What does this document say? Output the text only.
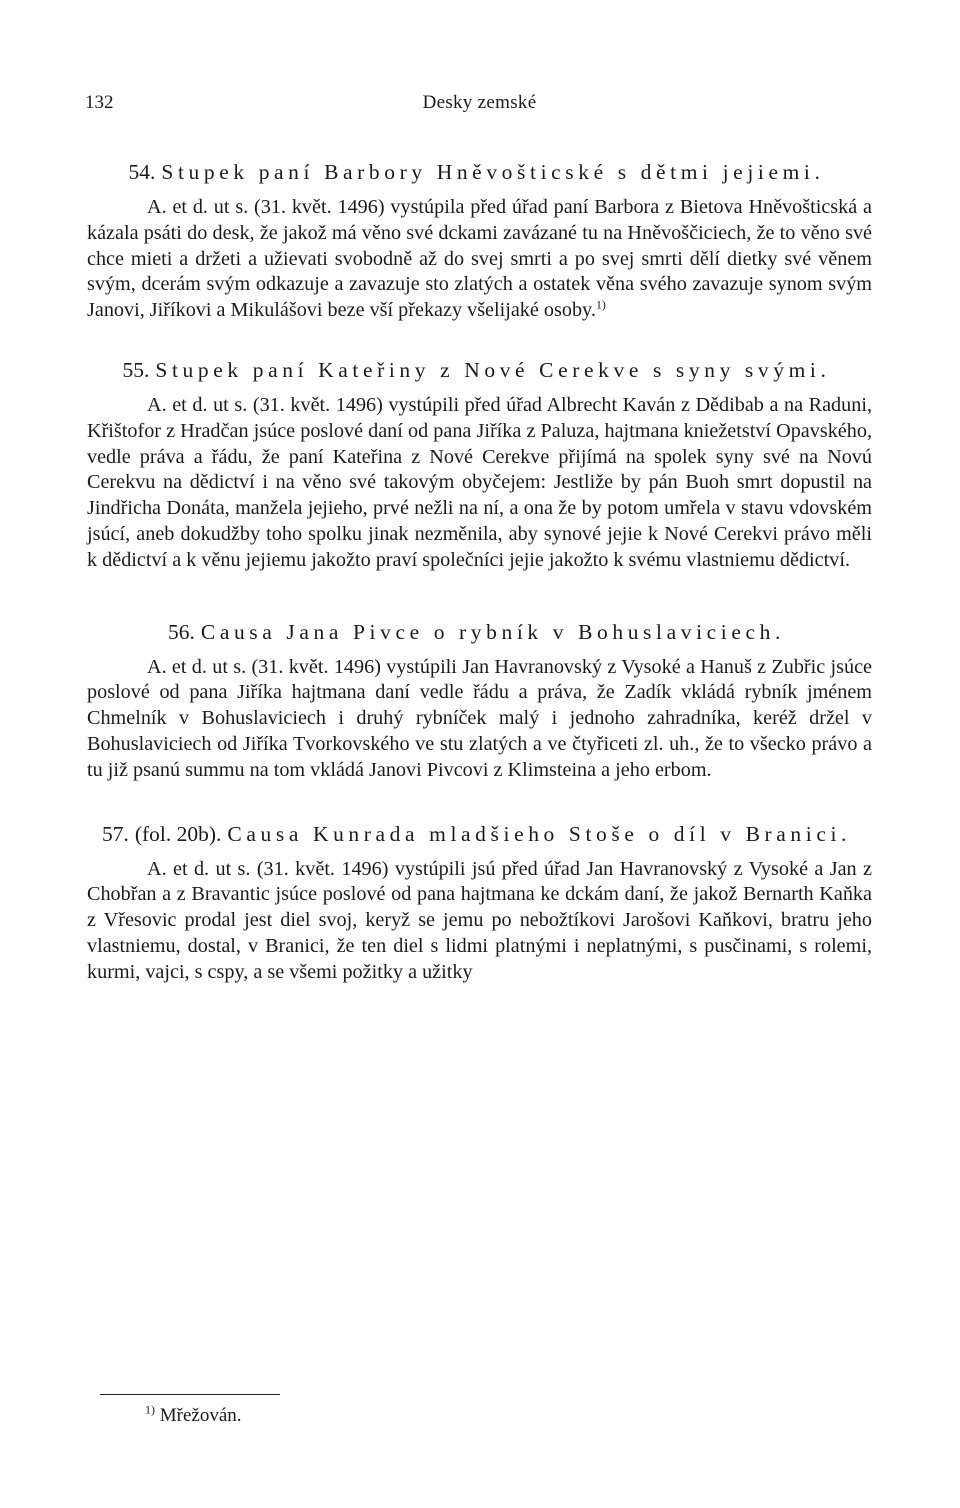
132	Desky zemské

54. Stupek paní Barbory Hněvošticské s dětmi jejiemi.

A. et d. ut s. (31. květ. 1496) vystúpila před úřad paní Barbora z Bietova Hněvošticská a kázala psáti do desk, že jakož má věno své dckami zavázané tu na Hněvoščiciech, že to věno své chce mieti a držeti a užievati svobodně až do svej smrti a po svej smrti dělí dietky své věnem svým, dcerám svým odkazuje a zavazuje sto zlatých a ostatek věna svého zavazuje synom svým Janovi, Jiříkovi a Mikulášovi beze vší překazy všelijaké osoby.$^{1)}$

55. Stupek paní Kateřiny z Nové Cerekve s syny svými.

A. et d. ut s. (31. květ. 1496) vystúpili před úřad Albrecht Kaván z Dědibab a na Raduni, Křištofor z Hradčan jsúce poslové daní od pana Jiříka z Paluza, hajtmana kniežetství Opavského, vedle práva a řádu, že paní Kateřina z Nové Cerekve přijímá na spolek syny své na Novú Cerekvu na dědictví i na věno své takovým obyčejem: Jestliže by pán Buoh smrt dopustil na Jindřicha Donáta, manžela jejieho, prvé nežli na ní, a ona že by potom umřela v stavu vdovském jsúcí, aneb dokudžby toho spolku jinak nezměnila, aby synové jejie k Nové Cerekvi právo měli k dědictví a k věnu jejiemu jakožto praví společníci jejie jakožto k svému vlastniemu dědictví.

56. Causa Jana Pivce o rybník v Bohuslaviciech.

A. et d. ut s. (31. květ. 1496) vystúpili Jan Havranovský z Vysoké a Hanuš z Zubřic jsúce poslové od pana Jiříka hajtmana daní vedle řádu a práva, že Zadík vkládá rybník jménem Chmelník v Bohuslaviciech i druhý rybníček malý i jednoho zahradníka, keréž držel v Bohuslaviciech od Jiříka Tvorkovského ve stu zlatých a ve čtyřiceti zl. uh., že to všecko právo a tu již psanú summu na tom vkládá Janovi Pivcovi z Klimsteina a jeho erbom.

57. (fol. 20b). Causa Kunrada mladšieho Stoše o díl v Branici.

A. et d. ut s. (31. květ. 1496) vystúpili jsú před úřad Jan Havranovský z Vysoké a Jan z Chobřan a z Bravantic jsúce poslové od pana hajtmana ke dckám daní, že jakož Bernarth Kaňka z Vřesovic prodal jest diel svoj, keryž se jemu po nebožtíkovi Jarošovi Kaňkovi, bratru jeho vlastniemu, dostal, v Branici, že ten diel s lidmi platnými i neplatnými, s pusčinami, s rolemi, kurmi, vajci, s cspy, a se všemi požitky a užitky

$^{1)}$ Mřežován.
